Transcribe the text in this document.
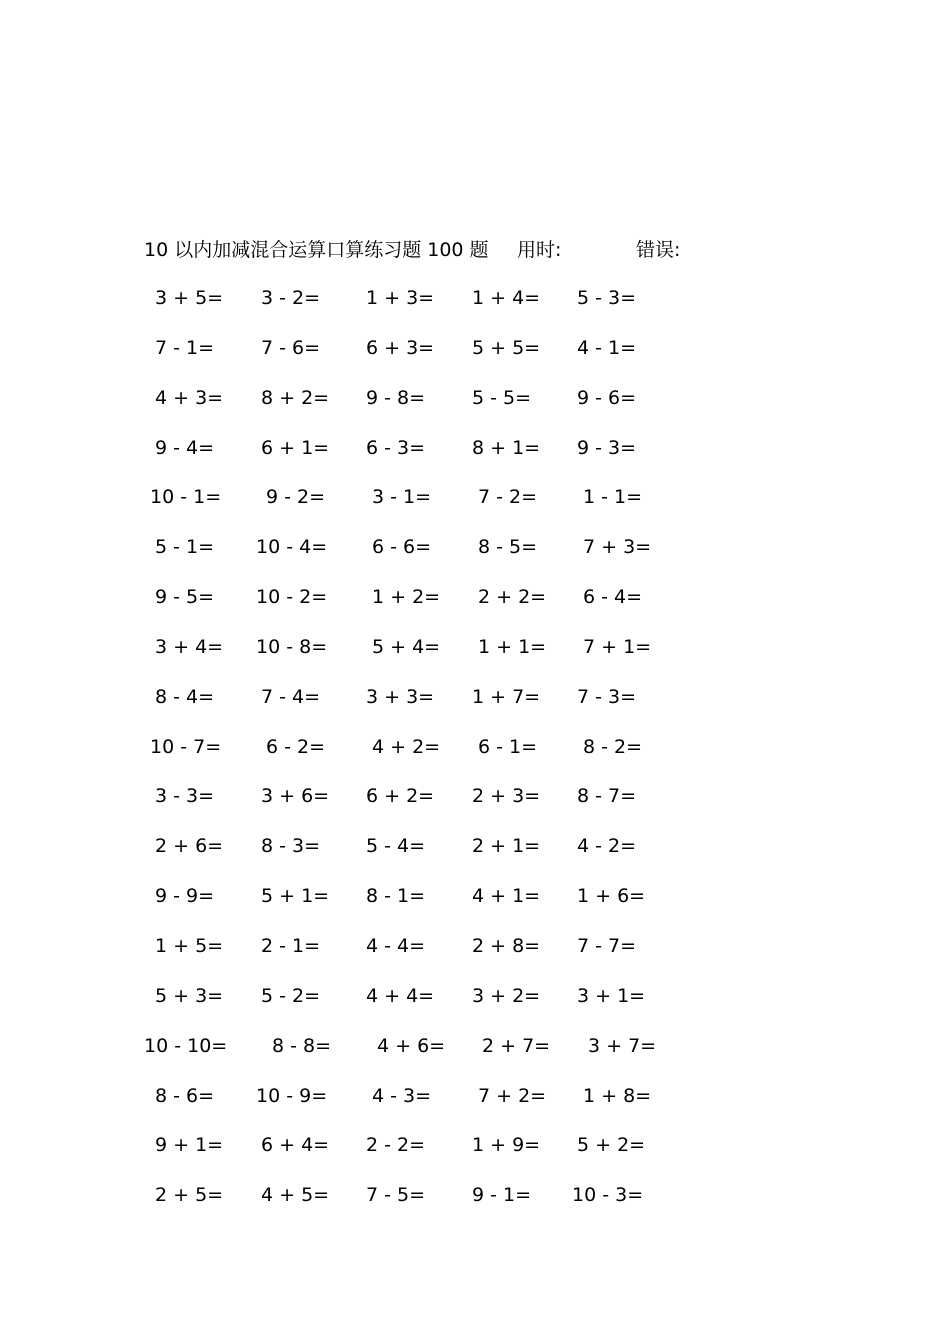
10 以内加减混合运算口算练习题 100 题 用时:	错误:
3 + 5= 3 - 2= 1 + 3= 1 + 4= 5 - 3=
7 - 1= 7 - 6= 6 + 3= 5 + 5= 4 - 1=
4 + 3= 8 + 2= 9 - 8= 5 - 5= 9 - 6=
9 - 4= 6 + 1= 6 - 3= 8 + 1= 9 - 3=
10 - 1= 9 - 2= 3 - 1= 7 - 2= 1 - 1=
5 - 1= 10 - 4= 6 - 6= 8 - 5= 7 + 3=
9 - 5= 10 - 2= 1 + 2= 2 + 2= 6 - 4=
3 + 4= 10 - 8= 5 + 4= 1 + 1= 7 + 1=
8 - 4= 7 - 4= 3 + 3= 1 + 7= 7 - 3=
10 - 7= 6 - 2= 4 + 2= 6 - 1= 8 - 2=
3 - 3= 3 + 6= 6 + 2= 2 + 3= 8 - 7=
2 + 6= 8 - 3= 5 - 4= 2 + 1= 4 - 2=
9 - 9= 5 + 1= 8 - 1= 4 + 1= 1 + 6=
1 + 5= 2 - 1= 4 - 4= 2 + 8= 7 - 7=
5 + 3= 5 - 2= 4 + 4= 3 + 2= 3 + 1=
10 - 10= 8 - 8= 4 + 6= 2 + 7= 3 + 7=
8 - 6= 10 - 9= 4 - 3= 7 + 2= 1 + 8=
9 + 1= 6 + 4= 2 - 2= 1 + 9= 5 + 2=
2 + 5= 4 + 5= 7 - 5= 9 - 1= 10 - 3=
